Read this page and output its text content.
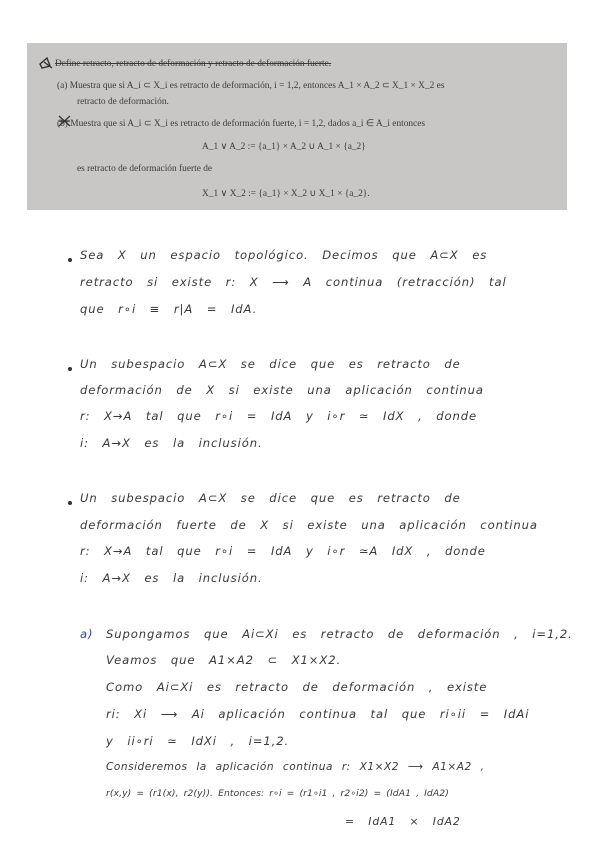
Define retracto, retracto de deformación y retracto de deformación fuerte.
(a) Muestra que si A_i ⊂ X_i es retracto de deformación, i = 1,2, entonces A_1 × A_2 ⊂ X_1 × X_2 es
retracto de deformación.
(b) Muestra que si A_i ⊂ X_i es retracto de deformación fuerte, i = 1,2, dados a_i ∈ A_i entonces
A_1 ∨ A_2 := {a_1} × A_2 ∪ A_1 × {a_2}
es retracto de deformación fuerte de
X_1 ∨ X_2 := {a_1} × X_2 ∪ X_1 × {a_2}.
Sea X un espacio topológico. Decimos que A⊂X es
retracto si existe r: X ⟶ A continua (retracción) tal
que r∘i ≡ r|A = IdA.
Un subespacio A⊂X se dice que es retracto de
deformación de X si existe una aplicación continua
r: X→A tal que r∘i = IdA y i∘r ≃ IdX , donde
i: A→X es la inclusión.
Un subespacio A⊂X se dice que es retracto de
deformación fuerte de X si existe una aplicación continua
r: X→A tal que r∘i = IdA y i∘r ≃A IdX , donde
i: A→X es la inclusión.
a) Supongamos que Ai⊂Xi es retracto de deformación , i=1,2.
Veamos que A1×A2 ⊂ X1×X2.
Como Ai⊂Xi es retracto de deformación , existe
ri: Xi ⟶ Ai aplicación continua tal que ri∘ii = IdAi
y ii∘ri ≃ IdXi , i=1,2.
Consideremos la aplicación continua r: X1×X2 ⟶ A1×A2 ,
r(x,y) = (r1(x), r2(y)). Entonces: r∘i = (r1∘i1 , r2∘i2) = (IdA1 , IdA2)
= IdA1 × IdA2
